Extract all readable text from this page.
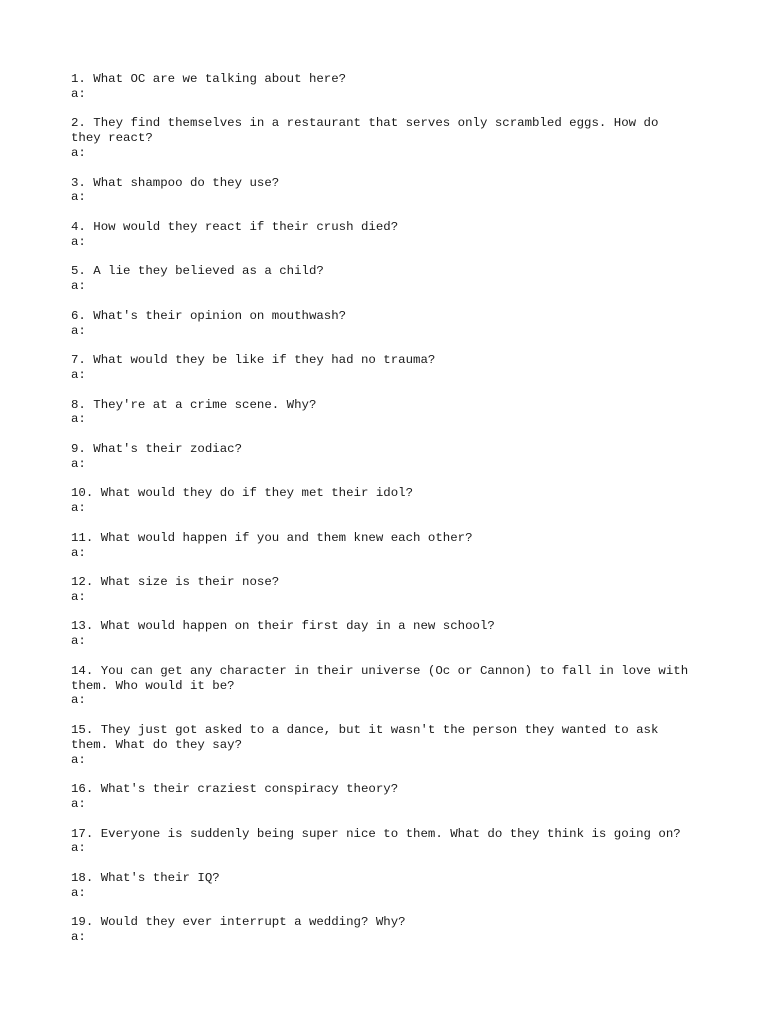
1. What OC are we talking about here?
a:
2. They find themselves in a restaurant that serves only scrambled eggs. How do
they react?
a:
3. What shampoo do they use?
a:
4. How would they react if their crush died?
a:
5. A lie they believed as a child?
a:
6. What's their opinion on mouthwash?
a:
7. What would they be like if they had no trauma?
a:
8. They're at a crime scene. Why?
a:
9. What's their zodiac?
a:
10. What would they do if they met their idol?
a:
11. What would happen if you and them knew each other?
a:
12. What size is their nose?
a:
13. What would happen on their first day in a new school?
a:
14. You can get any character in their universe (Oc or Cannon) to fall in love with
them. Who would it be?
a:
15. They just got asked to a dance, but it wasn't the person they wanted to ask
them. What do they say?
a:
16. What's their craziest conspiracy theory?
a:
17. Everyone is suddenly being super nice to them. What do they think is going on?
a:
18. What's their IQ?
a:
19. Would they ever interrupt a wedding? Why?
a:
